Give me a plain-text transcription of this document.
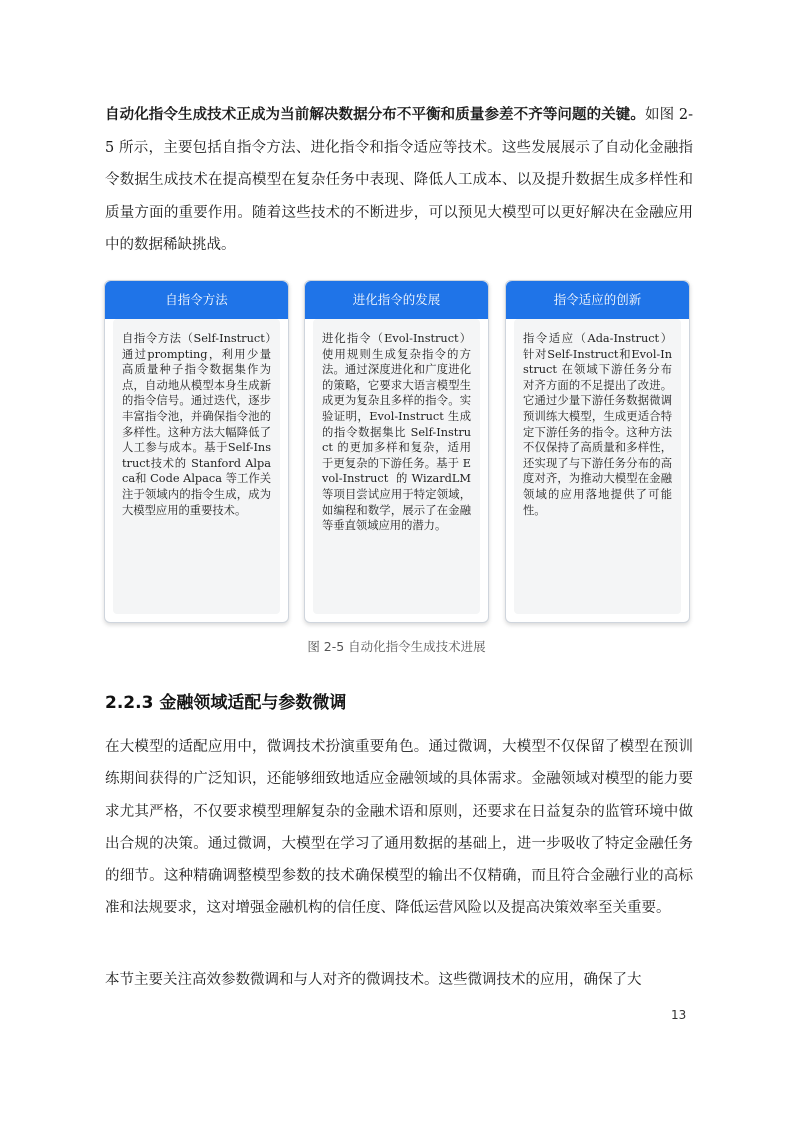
自动化指令生成技术正成为当前解决数据分布不平衡和质量参差不齐等问题的关键。如图 2-5 所示，主要包括自指令方法、进化指令和指令适应等技术。这些发展展示了自动化金融指令数据生成技术在提高模型在复杂任务中表现、降低人工成本、以及提升数据生成多样性和质量方面的重要作用。随着这些技术的不断进步，可以预见大模型可以更好解决在金融应用中的数据稀缺挑战。

自指令方法
自指令方法（Self-Instruct）通过prompting，利用少量高质量种子指令数据集作为点，自动地从模型本身生成新的指令信号。通过迭代，逐步丰富指令池，并确保指令池的多样性。这种方法大幅降低了人工参与成本。基于Self-Instruct技术的 Stanford Alpaca和 Code Alpaca 等工作关注于领域内的指令生成，成为大模型应用的重要技术。
进化指令的发展
进化指令（Evol-Instruct）使用规则生成复杂指令的方法。通过深度进化和广度进化的策略，它要求大语言模型生成更为复杂且多样的指令。实验证明，Evol-Instruct 生成的指令数据集比 Self-Instruct 的更加多样和复杂，适用于更复杂的下游任务。基于 Evol-Instruct 的WizardLM 等项目尝试应用于特定领域，如编程和数学，展示了在金融等垂直领域应用的潜力。
指令适应的创新
指令适应（Ada-Instruct）针对Self-Instruct和Evol-Instruct 在领域下游任务分布对齐方面的不足提出了改进。它通过少量下游任务数据微调预训练大模型，生成更适合特定下游任务的指令。这种方法不仅保持了高质量和多样性，还实现了与下游任务分布的高度对齐，为推动大模型在金融领域的应用落地提供了可能性。
图 2-5 自动化指令生成技术进展
2.2.3 金融领域适配与参数微调

在大模型的适配应用中，微调技术扮演重要角色。通过微调，大模型不仅保留了模型在预训练期间获得的广泛知识，还能够细致地适应金融领域的具体需求。金融领域对模型的能力要求尤其严格，不仅要求模型理解复杂的金融术语和原则，还要求在日益复杂的监管环境中做出合规的决策。通过微调，大模型在学习了通用数据的基础上，进一步吸收了特定金融任务的细节。这种精确调整模型参数的技术确保模型的输出不仅精确，而且符合金融行业的高标准和法规要求，这对增强金融机构的信任度、降低运营风险以及提高决策效率至关重要。

本节主要关注高效参数微调和与人对齐的微调技术。这些微调技术的应用，确保了大

13
